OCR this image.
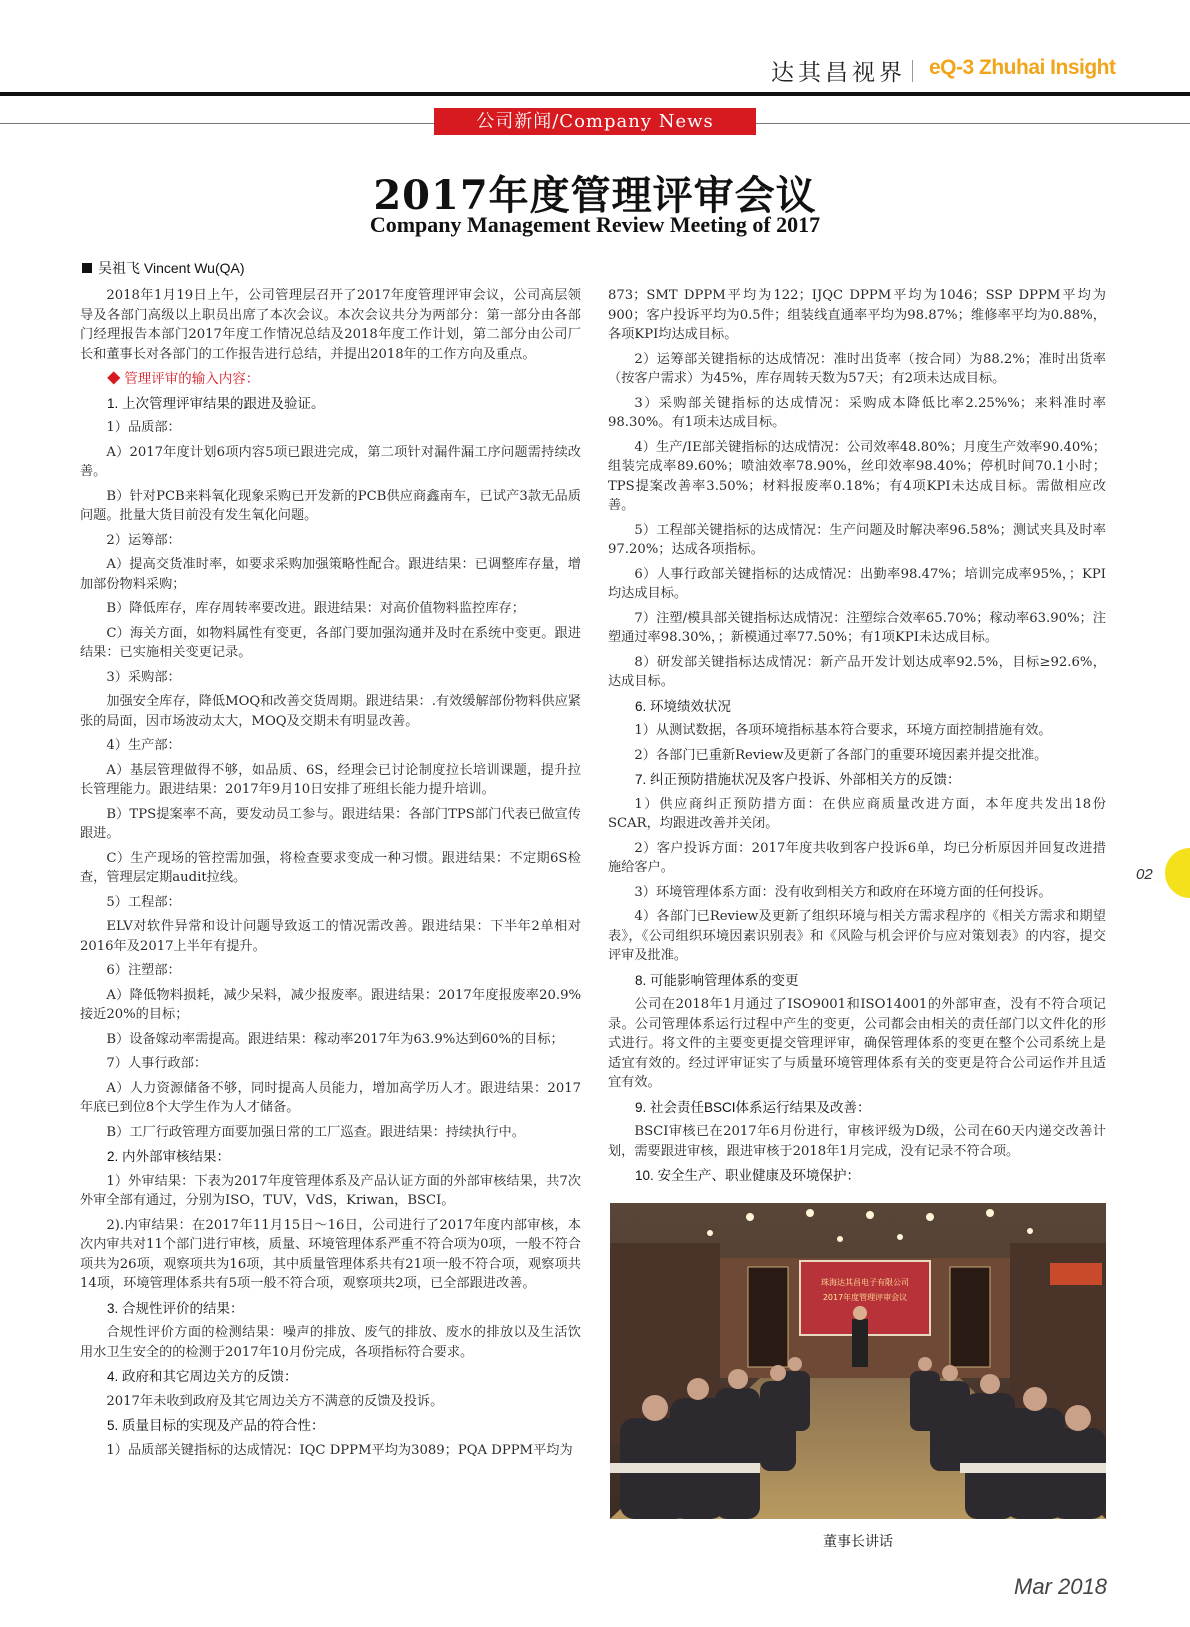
达其昌视界 eQ-3 Zhuhai Insight
公司新闻/Company News
2017年度管理评审会议
Company Management Review Meeting of 2017
吴祖飞 Vincent Wu(QA)

2018年1月19日上午，公司管理层召开了2017年度管理评审会议，公司高层领导及各部门高级以上职员出席了本次会议。本次会议共分为两部分：第一部分由各部门经理报告本部门2017年度工作情况总结及2018年度工作计划，第二部分由公司厂长和董事长对各部门的工作报告进行总结，并提出2018年的工作方向及重点。

◆ 管理评审的输入内容：

1. 上次管理评审结果的跟进及验证。

1）品质部：

A）2017年度计划6项内容5项已跟进完成，第二项针对漏件漏工序问题需持续改善。

B）针对PCB来料氧化现象采购已开发新的PCB供应商鑫南车，已试产3款无品质问题。批量大货目前没有发生氧化问题。

2）运筹部：

A）提高交货准时率，如要求采购加强策略性配合。跟进结果：已调整库存量，增加部份物料采购；

B）降低库存，库存周转率要改进。跟进结果：对高价值物料监控库存；

C）海关方面，如物料属性有变更，各部门要加强沟通并及时在系统中变更。跟进结果：已实施相关变更记录。

3）采购部：

加强安全库存，降低MOQ和改善交货周期。跟进结果：.有效缓解部份物料供应紧张的局面，因市场波动太大，MOQ及交期未有明显改善。

4）生产部：

A）基层管理做得不够，如品质、6S，经理会已讨论制度拉长培训课题，提升拉长管理能力。跟进结果：2017年9月10日安排了班组长能力提升培训。

B）TPS提案率不高，要发动员工参与。跟进结果：各部门TPS部门代表已做宣传跟进。

C）生产现场的管控需加强，将检查要求变成一种习惯。跟进结果：不定期6S检查，管理层定期audit拉线。

5）工程部：

ELV对软件异常和设计问题导致返工的情况需改善。跟进结果：下半年2单相对2016年及2017上半年有提升。

6）注塑部：

A）降低物料损耗，减少呆料，减少报废率。跟进结果：2017年度报废率20.9%接近20%的目标；

B）设备嫁动率需提高。跟进结果：稼动率2017年为63.9%达到60%的目标；

7）人事行政部：

A）人力资源储备不够，同时提高人员能力，增加高学历人才。跟进结果：2017年底已到位8个大学生作为人才储备。

B）工厂行政管理方面要加强日常的工厂巡查。跟进结果：持续执行中。

2. 内外部审核结果：

1）外审结果：下表为2017年度管理体系及产品认证方面的外部审核结果，共7次外审全部有通过，分别为ISO，TUV，VdS，Kriwan，BSCI。

2).内审结果：在2017年11月15日～16日，公司进行了2017年度内部审核，本次内审共对11个部门进行审核，质量、环境管理体系严重不符合项为0项，一般不符合项共为26项，观察项共为16项，其中质量管理体系共有21项一般不符合项，观察项共14项，环境管理体系共有5项一般不符合项，观察项共2项，已全部跟进改善。

3. 合规性评价的结果：

合规性评价方面的检测结果：噪声的排放、废气的排放、废水的排放以及生活饮用水卫生安全的的检测于2017年10月份完成，各项指标符合要求。

4. 政府和其它周边关方的反馈：

2017年未收到政府及其它周边关方不满意的反馈及投诉。

5. 质量目标的实现及产品的符合性：

1）品质部关键指标的达成情况：IQC DPPM平均为3089；PQA DPPM平均为

873；SMT DPPM平均为122；IJQC DPPM平均为1046；SSP DPPM平均为900；客户投诉平均为0.5件；组装线直通率平均为98.87%；维修率平均为0.88%，各项KPI均达成目标。

2）运筹部关键指标的达成情况：准时出货率（按合同）为88.2%；准时出货率（按客户需求）为45%，库存周转天数为57天；有2项未达成目标。

3）采购部关键指标的达成情况：采购成本降低比率2.25%%；来料准时率98.30%。有1项未达成目标。

4）生产/IE部关键指标的达成情况：公司效率48.80%；月度生产效率90.40%；组装完成率89.60%；喷油效率78.90%，丝印效率98.40%；停机时间70.1小时；TPS提案改善率3.50%；材料报废率0.18%；有4项KPI未达成目标。需做相应改善。

5）工程部关键指标的达成情况：生产问题及时解决率96.58%；测试夹具及时率97.20%；达成各项指标。

6）人事行政部关键指标的达成情况：出勤率98.47%；培训完成率95%，；KPI均达成目标。

7）注塑/模具部关键指标达成情况：注塑综合效率65.70%；稼动率63.90%；注塑通过率98.30%，；新模通过率77.50%；有1项KPI未达成目标。

8）研发部关键指标达成情况：新产品开发计划达成率92.5%，目标≥92.6%，达成目标。

6. 环境绩效状况

1）从测试数据，各项环境指标基本符合要求，环境方面控制措施有效。

2）各部门已重新Review及更新了各部门的重要环境因素并提交批准。

7. 纠正预防措施状况及客户投诉、外部相关方的反馈：

1）供应商纠正预防措方面：在供应商质量改进方面，本年度共发出18份SCAR，均跟进改善并关闭。

2）客户投诉方面：2017年度共收到客户投诉6单，均已分析原因并回复改进措施给客户。

3）环境管理体系方面：没有收到相关方和政府在环境方面的任何投诉。

4）各部门已Review及更新了组织环境与相关方需求程序的《相关方需求和期望表》，《公司组织环境因素识别表》和《风险与机会评价与应对策划表》的内容，提交评审及批准。

8. 可能影响管理体系的变更

公司在2018年1月通过了ISO9001和ISO14001的外部审查，没有不符合项记录。公司管理体系运行过程中产生的变更，公司都会由相关的责任部门以文件化的形式进行。将文件的主要变更提交管理评审，确保管理体系的变更在整个公司系统上是适宜有效的。经过评审证实了与质量环境管理体系有关的变更是符合公司运作并且适宜有效。

9. 社会责任BSCI体系运行结果及改善：

BSCI审核已在2017年6月份进行，审核评级为D级，公司在60天内递交改善计划，需要跟进审核，跟进审核于2018年1月完成，没有记录不符合项。

10. 安全生产、职业健康及环境保护：

珠海达其昌电子有限公司
2017年度管理评审会议
董事长讲话
02
Mar 2018
